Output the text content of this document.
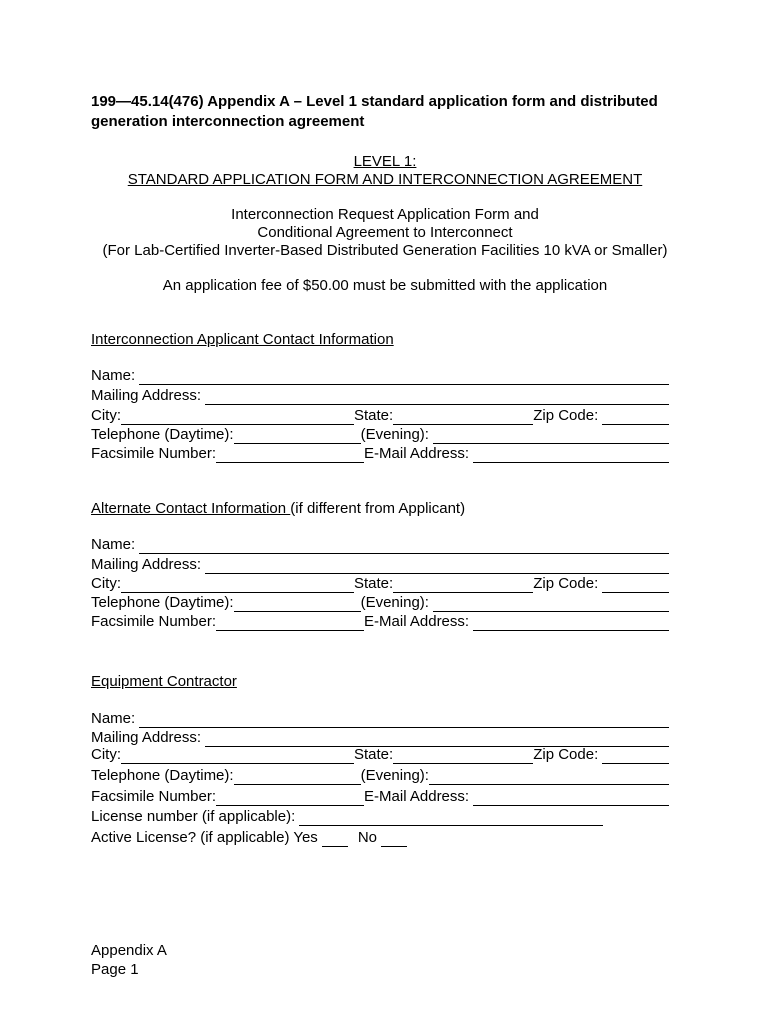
199—45.14(476) Appendix A – Level 1 standard application form and distributed
generation interconnection agreement
LEVEL 1:
STANDARD APPLICATION FORM AND INTERCONNECTION AGREEMENT
Interconnection Request Application Form and
Conditional Agreement to Interconnect
(For Lab-Certified Inverter-Based Distributed Generation Facilities 10 kVA or Smaller)
An application fee of $50.00 must be submitted with the application
Interconnection Applicant Contact Information
Name:
Mailing Address:
City:	State:	Zip Code:
Telephone (Daytime):	(Evening):
Facsimile Number:	E-Mail Address:
Alternate Contact Information (if different from Applicant)
Name:
Mailing Address:
City:	State:	Zip Code:
Telephone (Daytime):	(Evening):
Facsimile Number:	E-Mail Address:
Equipment Contractor
Name:
Mailing Address:
City:	State:	Zip Code:
Telephone (Daytime):	(Evening):
Facsimile Number:	E-Mail Address:
License number (if applicable):
Active License? (if applicable) Yes	No
Appendix A
Page 1
